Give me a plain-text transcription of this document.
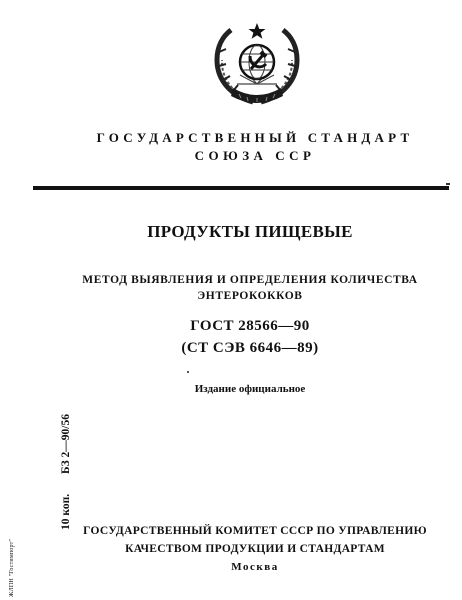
ГОСУДАРСТВЕННЫЙ СТАНДАРТ
СОЮЗА ССР
ПРОДУКТЫ ПИЩЕВЫЕ
МЕТОД ВЫЯВЛЕНИЯ И ОПРЕДЕЛЕНИЯ КОЛИЧЕСТВА
ЭНТЕРОКОККОВ
ГОСТ 28566—90
(СТ СЭВ 6646—89)
Издание официальное
10 коп.
БЗ 2—90/56
ЖЛПН "Гостимпорт"
ГОСУДАРСТВЕННЫЙ КОМИТЕТ СССР ПО УПРАВЛЕНИЮ
КАЧЕСТВОМ ПРОДУКЦИИ И СТАНДАРТАМ
Москва
